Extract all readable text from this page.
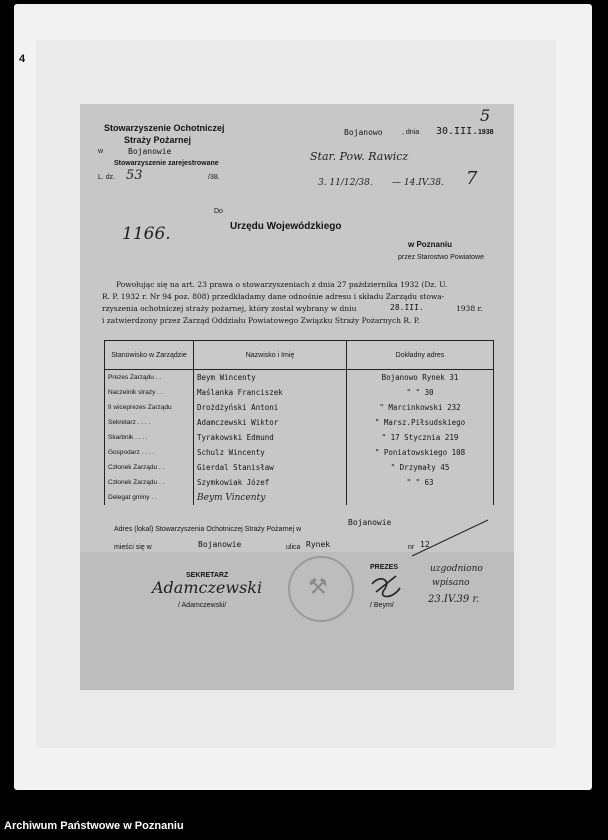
4
Stowarzyszenie Ochotniczej
Straży Pożarnej
w	Bojanowie
Stowarzyszenie zarejestrowane
L. dz. 53	/38.
Bojanowo	, dnia 30.III. 1938
5
Star. Pow. Rawicz
3. 11/12/38. — 14.IV.38. 7
Do
Urzędu Wojewódzkiego
1166.
w Poznaniu
przez Starostwo Powiatowe
Powołując się na art. 23 prawa o stowarzyszeniach z dnia 27 października 1932 (Dz. U.
R. P. 1932 r. Nr 94 poz. 808) przedkładamy dane odnośnie adresu i składu Zarządu stowa-
rzyszenia ochotniczej straży pożarnej, który został wybrany w dniu	28.III.	1938 r.
i zatwierdzony przez Zarząd Oddziału Powiatowego Związku Straży Pożarnych R. P.
Stanowisko w Zarządzie	Nazwisko i Imię	Dokładny adres
Prezes Zarządu . .	Beym Wincenty	Bojanowo Rynek 31
Naczelnik straży . .	Maślanka Franciszek	" " 30
II wiceprezes Zarządu	Drożdżyński Antoni	" Marcinkowski 232
Sekretarz . . . .	Adamczewski Wiktor	" Marsz.Piłsudskiego
Skarbnik . . . .	Tyrakowski Edmund	" 17 Stycznia 219
Gospodarz . . . .	Schulz Wincenty	" Poniatowskiego 108
Członek Zarządu . .	Gierdal Stanisław	" Drzymały 45
Członek Zarządu . .	Szymkowiak Józef	" " 63
Delegat gminy . .	Beym Vincenty	
Adres (lokal) Stowarzyszenia Ochotniczej Straży Pożarnej w
Bojanowie
mieści się w	Bojanowie	ulica Rynek	nr 12
SEKRETARZ
Adamczewski
/ Adamczewski/
⚒
PREZES
/ Beym/
uzgodniono
wpisano
23.IV.39 r.
Archiwum Państwowe w Poznaniu
